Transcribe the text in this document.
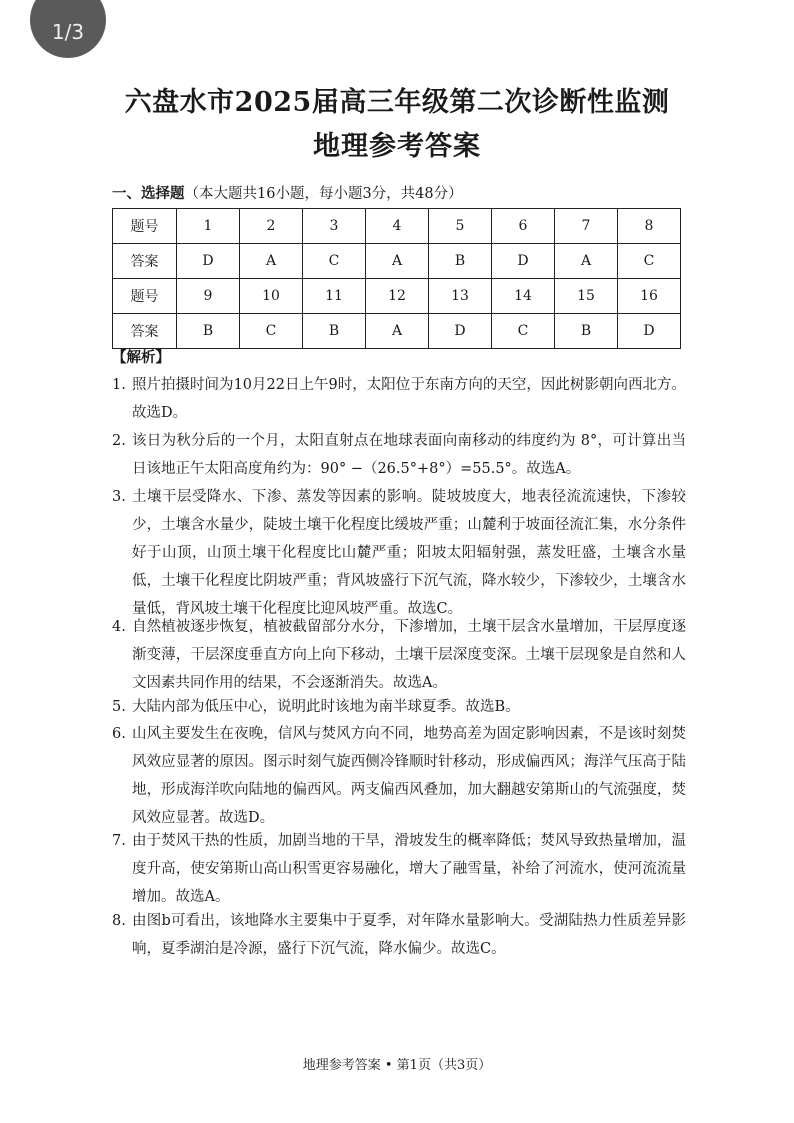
1/3
六盘水市2025届高三年级第二次诊断性监测
地理参考答案
一、选择题（本大题共16小题，每小题3分，共48分）
题号	1	2	3	4	5	6	7	8
答案	D	A	C	A	B	D	A	C
题号	9	10	11	12	13	14	15	16
答案	B	C	B	A	D	C	B	D
【解析】
1. 照片拍摄时间为10月22日上午9时，太阳位于东南方向的天空，因此树影朝向西北方。故选D。
2. 该日为秋分后的一个月，太阳直射点在地球表面向南移动的纬度约为 8°，可计算出当日该地正午太阳高度角约为：90° −（26.5°+8°）=55.5°。故选A。
3. 土壤干层受降水、下渗、蒸发等因素的影响。陡坡坡度大，地表径流流速快，下渗较少，土壤含水量少，陡坡土壤干化程度比缓坡严重；山麓利于坡面径流汇集，水分条件好于山顶，山顶土壤干化程度比山麓严重；阳坡太阳辐射强，蒸发旺盛，土壤含水量低，土壤干化程度比阴坡严重；背风坡盛行下沉气流，降水较少，下渗较少，土壤含水量低，背风坡土壤干化程度比迎风坡严重。故选C。
4. 自然植被逐步恢复，植被截留部分水分，下渗增加，土壤干层含水量增加，干层厚度逐渐变薄，干层深度垂直方向上向下移动，土壤干层深度变深。土壤干层现象是自然和人文因素共同作用的结果，不会逐渐消失。故选A。
5. 大陆内部为低压中心，说明此时该地为南半球夏季。故选B。
6. 山风主要发生在夜晚，信风与焚风方向不同，地势高差为固定影响因素，不是该时刻焚风效应显著的原因。图示时刻气旋西侧冷锋顺时针移动，形成偏西风；海洋气压高于陆地，形成海洋吹向陆地的偏西风。两支偏西风叠加，加大翻越安第斯山的气流强度，焚风效应显著。故选D。
7. 由于焚风干热的性质，加剧当地的干旱，滑坡发生的概率降低；焚风导致热量增加，温度升高，使安第斯山高山积雪更容易融化，增大了融雪量，补给了河流水，使河流流量增加。故选A。
8. 由图b可看出，该地降水主要集中于夏季，对年降水量影响大。受湖陆热力性质差异影响，夏季湖泊是冷源，盛行下沉气流，降水偏少。故选C。
地理参考答案 • 第1页（共3页）
